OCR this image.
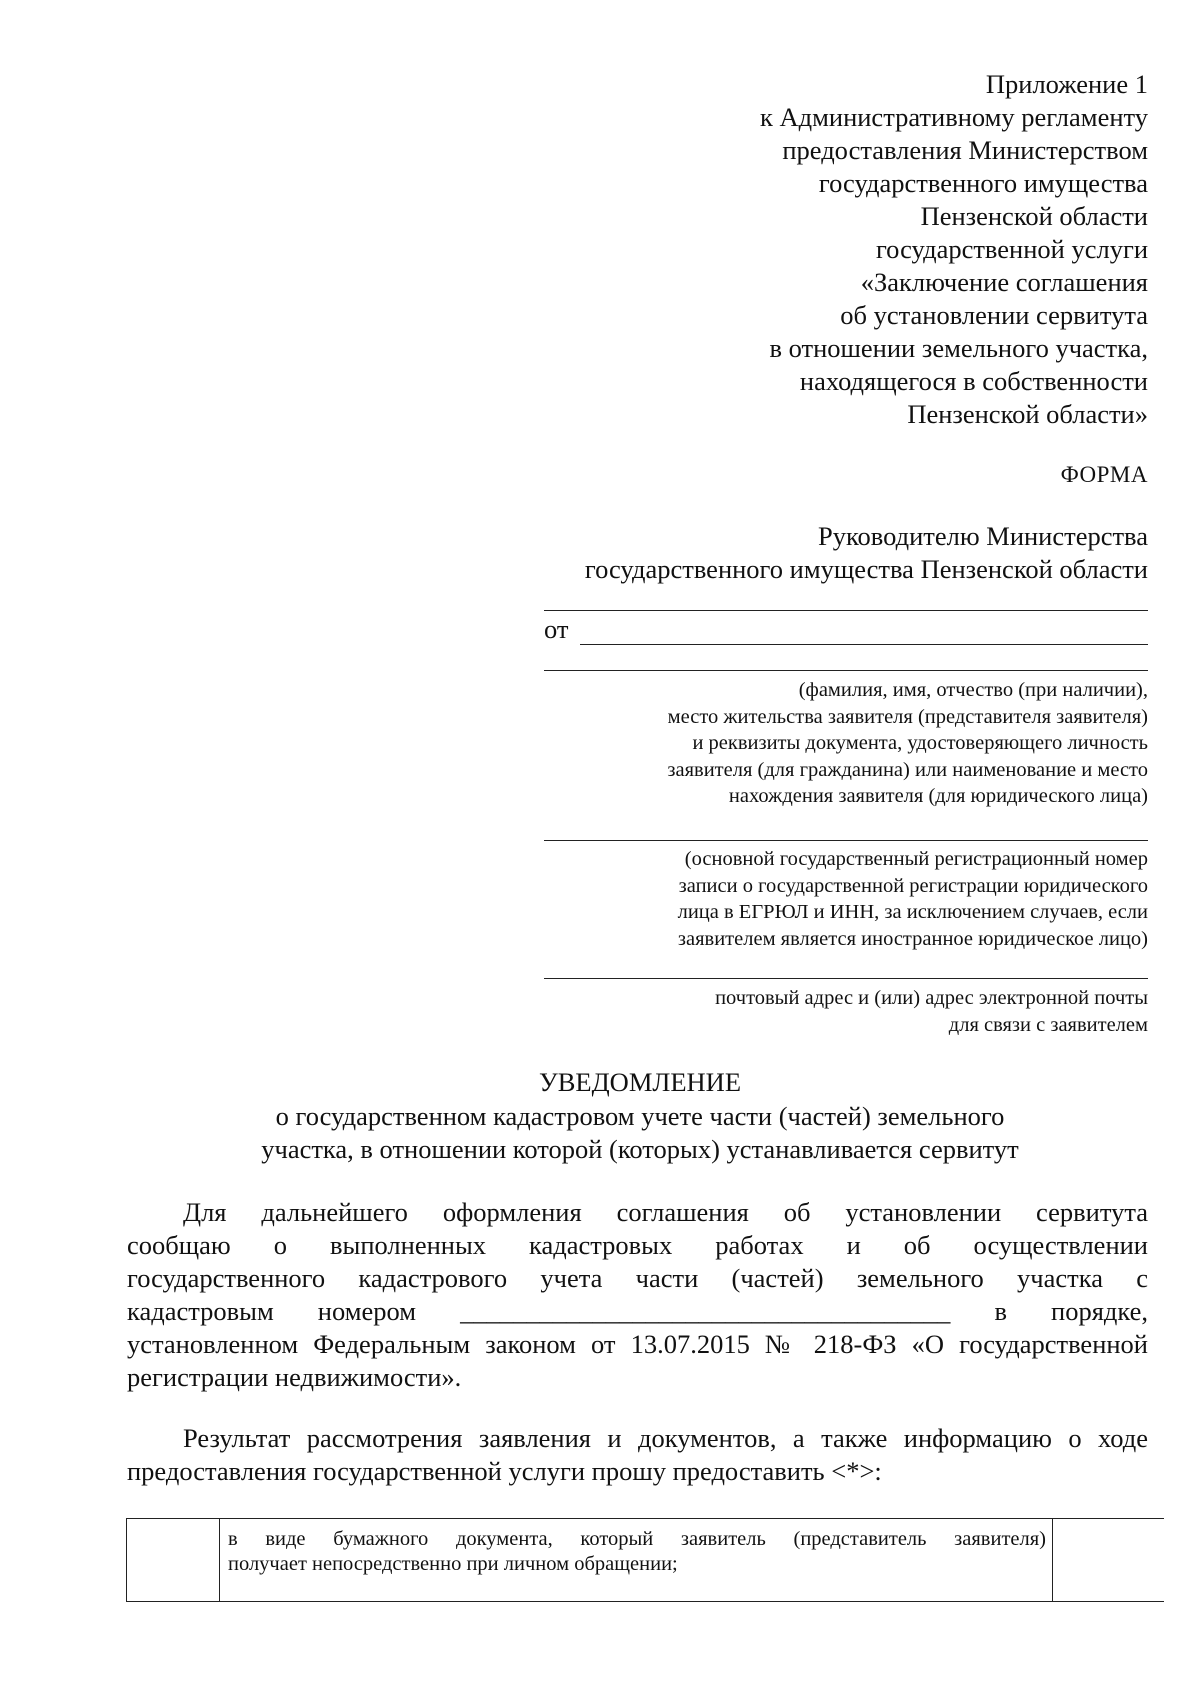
Приложение 1
к Административному регламенту
предоставления Министерством
государственного имущества
Пензенской области
государственной услуги
«Заключение соглашения
об установлении сервитута
в отношении земельного участка,
находящегося в собственности
Пензенской области»
ФОРМА
Руководителю Министерства
государственного имущества Пензенской области
от
(фамилия, имя, отчество (при наличии),
место жительства заявителя (представителя заявителя)
и реквизиты документа, удостоверяющего личность
заявителя (для гражданина) или наименование и место
нахождения заявителя (для юридического лица)
(основной государственный регистрационный номер
записи о государственной регистрации юридического
лица в ЕГРЮЛ и ИНН, за исключением случаев, если
заявителем является иностранное юридическое лицо)
почтовый адрес и (или) адрес электронной почты
для связи с заявителем
УВЕДОМЛЕНИЕ
о государственном кадастровом учете части (частей) земельного
участка, в отношении которой (которых) устанавливается сервитут
Для дальнейшего оформления соглашения об установлении сервитута
сообщаю о выполненных кадастровых работах и об осуществлении
государственного кадастрового учета части (частей) земельного участка с
кадастровым номером _____________________________________ в порядке,
установленном Федеральным законом от 13.07.2015 № 218-ФЗ «О государственной
регистрации недвижимости».
Результат рассмотрения заявления и документов, а также информацию о ходе
предоставления государственной услуги прошу предоставить <*>:

в виде бумажного документа, который заявитель (представитель заявителя)
получает непосредственно при личном обращении;
